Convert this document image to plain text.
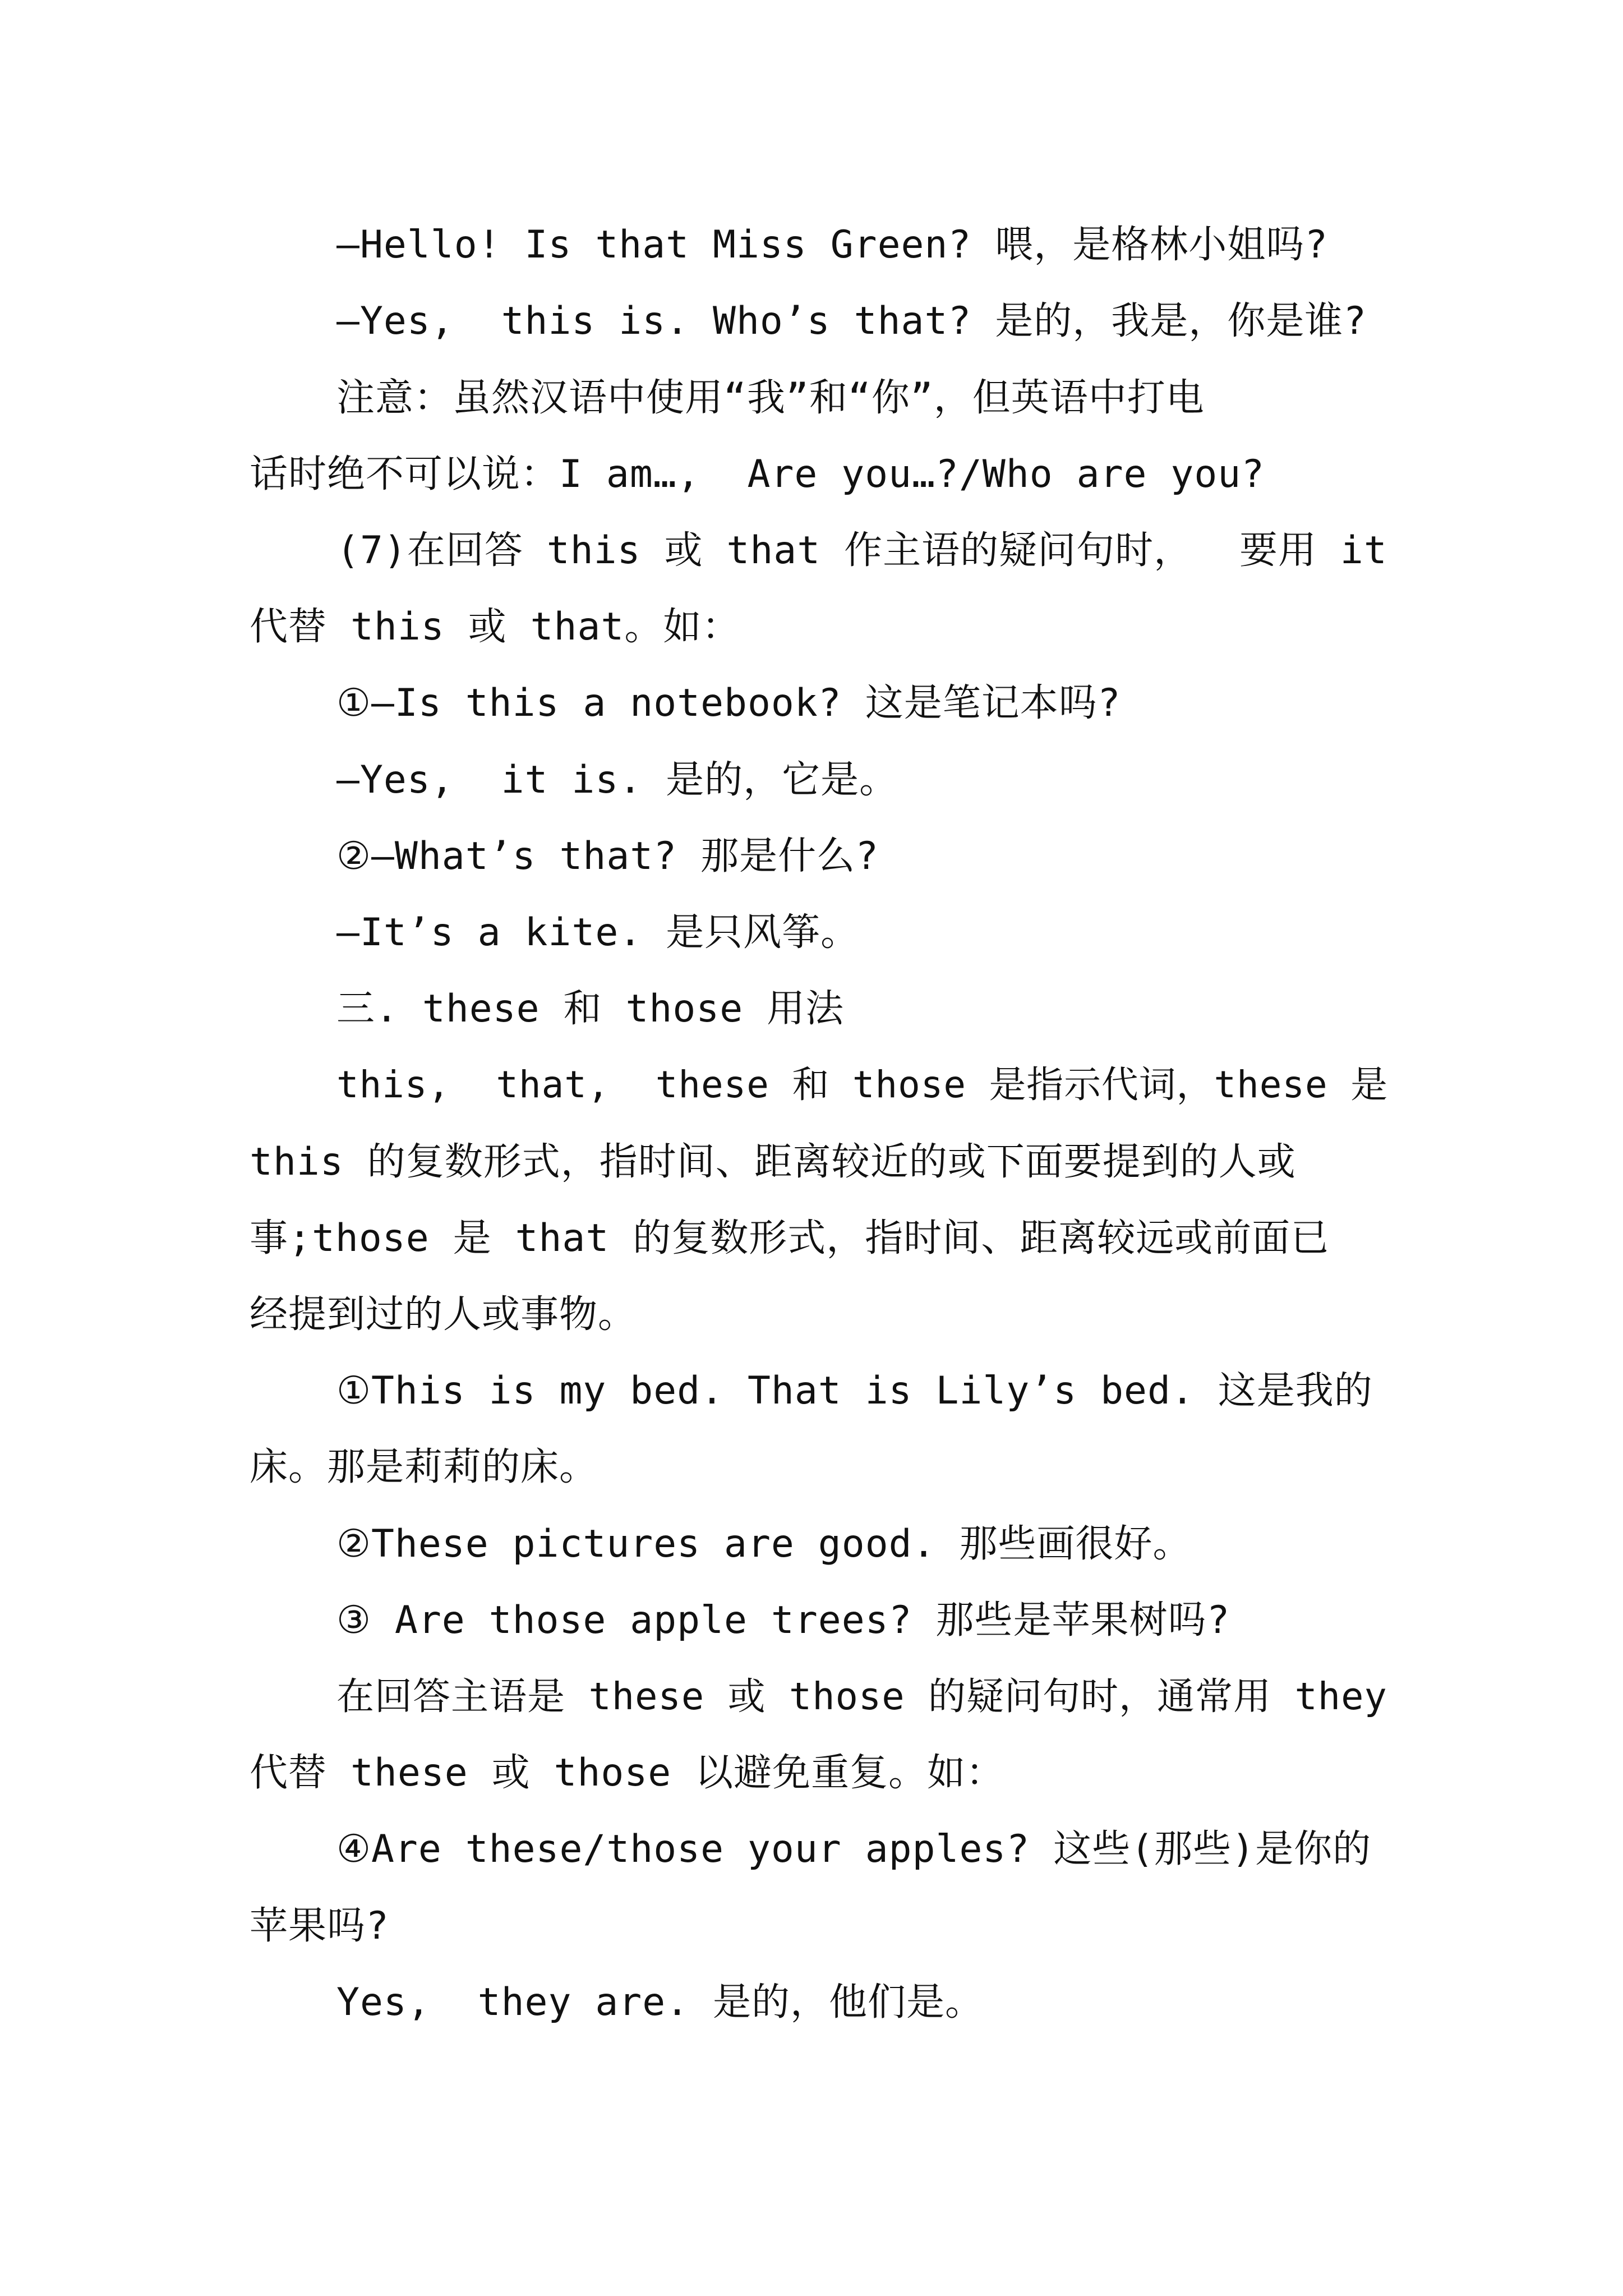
—Hello! Is that Miss Green? 喂，是格林小姐吗?
—Yes,  this is. Who’s that? 是的，我是，你是谁?
注意：虽然汉语中使用“我”和“你”，但英语中打电
话时绝不可以说：I am…,  Are you…?/Who are you?
(7)在回答 this 或 that 作主语的疑问句时，  要用 it
代替 this 或 that。如：
①—Is this a notebook? 这是笔记本吗?
—Yes,  it is. 是的，它是。
②—What’s that? 那是什么?
—It’s a kite. 是只风筝。
三. these 和 those 用法
this,  that,  these 和 those 是指示代词，these 是
this 的复数形式，指时间、距离较近的或下面要提到的人或
事;those 是 that 的复数形式，指时间、距离较远或前面已
经提到过的人或事物。
①This is my bed. That is Lily’s bed. 这是我的
床。那是莉莉的床。
②These pictures are good. 那些画很好。
③ Are those apple trees? 那些是苹果树吗?
在回答主语是 these 或 those 的疑问句时，通常用 they
代替 these 或 those 以避免重复。如：
④Are these/those your apples? 这些(那些)是你的
苹果吗?
Yes,  they are. 是的，他们是。
